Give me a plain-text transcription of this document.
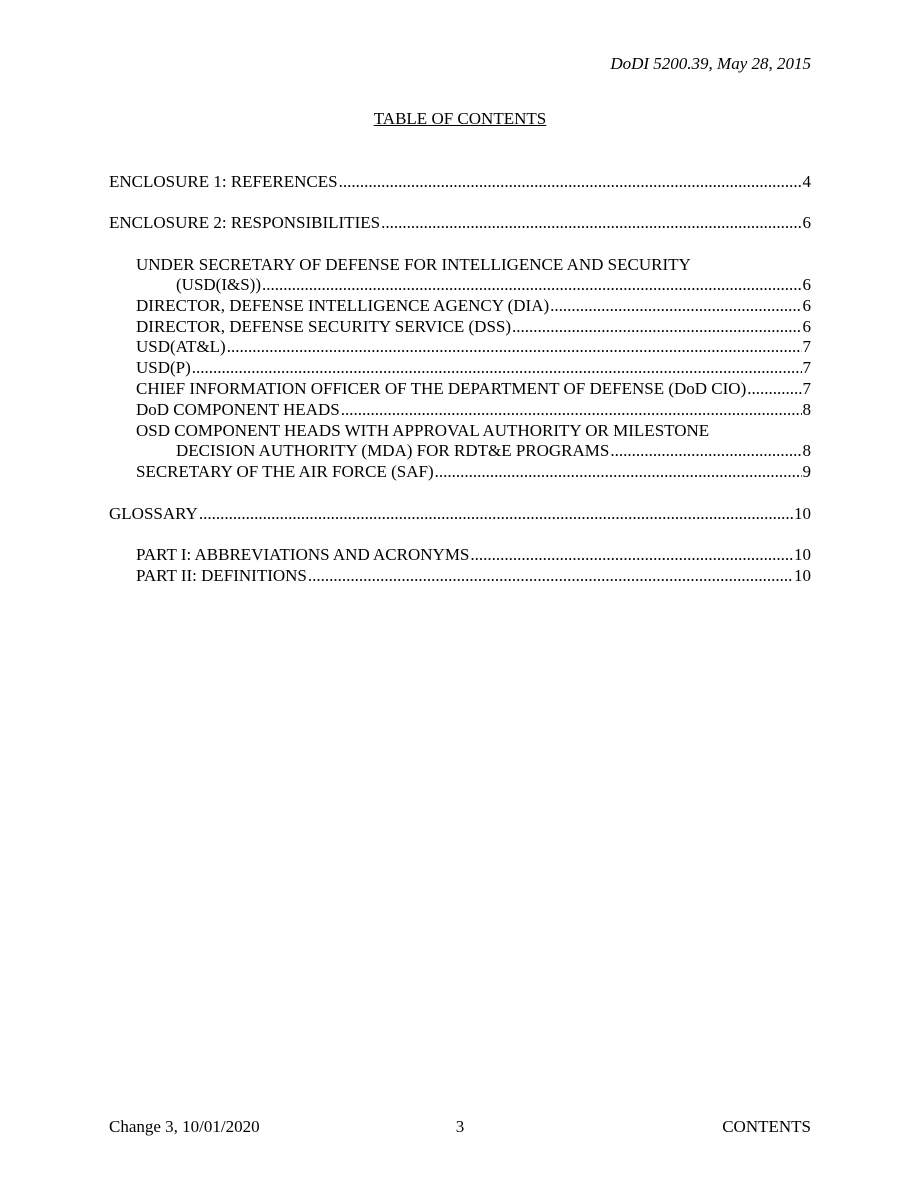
DoDI 5200.39, May 28, 2015
TABLE OF CONTENTS
ENCLOSURE 1: REFERENCES .....	4
ENCLOSURE 2: RESPONSIBILITIES .....	6
UNDER SECRETARY OF DEFENSE FOR INTELLIGENCE AND SECURITY
(USD(I&S)) .....	6
DIRECTOR, DEFENSE INTELLIGENCE AGENCY (DIA) .....	6
DIRECTOR, DEFENSE SECURITY SERVICE (DSS) .....	6
USD(AT&L) .....	7
USD(P) .....	7
CHIEF INFORMATION OFFICER OF THE DEPARTMENT OF DEFENSE (DoD CIO) .....	7
DoD COMPONENT HEADS .....	8
OSD COMPONENT HEADS WITH APPROVAL AUTHORITY OR MILESTONE
DECISION AUTHORITY (MDA) FOR RDT&E PROGRAMS .....	8
SECRETARY OF THE AIR FORCE (SAF) .....	9
GLOSSARY .....	10
PART I: ABBREVIATIONS AND ACRONYMS .....	10
PART II: DEFINITIONS .....	10
Change 3, 10/01/2020	3	CONTENTS
